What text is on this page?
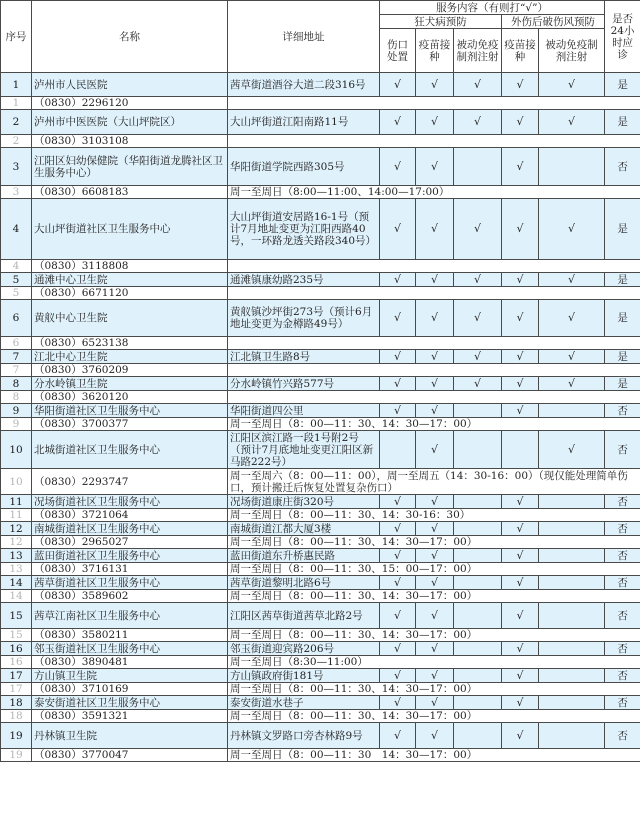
序号	名称	详细地址	服务内容（有则打“√”）					是否24小时应诊
			狂犬病预防			外伤后破伤风预防		
			伤口处置	疫苗接种	被动免疫制剂注射	疫苗接种	被动免疫制剂注射	
1	泸州市人民医院	茜草街道酒谷大道二段316号	√	√	√	√	√	是
1	（0830）2296120							
2	泸州市中医医院（大山坪院区）	大山坪街道江阳南路11号	√	√	√	√	√	是
2	（0830）3103108							
3	江阳区妇幼保健院（华阳街道龙腾社区卫生服务中心）	华阳街道学院西路305号	√	√		√		否
3	（0830）6608183	周一至周日（8:00—11:00、14:00—17:00）						
4	大山坪街道社区卫生服务中心	大山坪街道安居路16-1号（预计7月地址变更为江阳西路40号，一环路龙透关路段340号）	√	√	√	√	√	是
4	（0830）3118808							
5	通滩中心卫生院	通滩镇康幼路235号	√	√	√	√	√	是
5	（0830）6671120							
6	黄舣中心卫生院	黄舣镇沙坪街273号（预计6月地址变更为金樽路49号）	√	√	√	√	√	是
6	（0830）6523138							
7	江北中心卫生院	江北镇卫生路8号	√	√	√	√	√	是
7	（0830）3760209							
8	分水岭镇卫生院	分水岭镇竹兴路577号	√	√	√	√	√	是
8	（0830）3620120							
9	华阳街道社区卫生服务中心	华阳街道四公里	√	√		√		否
9	（0830）3700377	周一至周日（8：00—11：30、14：30—17：00）						
10	北城街道社区卫生服务中心	江阳区滨江路一段1号附2号（预计7月底地址变更江阳区新马路222号）		√			√	否
10	（0830）2293747	周一至周六（8：00—11：00），周一至周五（14：30-16：00）（现仅能处理简单伤口，预计搬迁后恢复处置复杂伤口）						
11	况场街道社区卫生服务中心	况场街道康庄街320号	√	√		√		否
11	（0830）3721064	周一至周日（8：00—11：30、14：30-16：30）						
12	南城街道社区卫生服务中心	南城街道江都大厦3楼	√	√		√		否
12	（0830）2965027	周一至周日（8：00—11：30、14：30—17：00）						
13	蓝田街道社区卫生服务中心	蓝田街道东升桥惠民路	√	√		√		否
13	（0830）3716131	周一至周日（8：00—11：30、15：00—17：00）						
14	茜草街道社区卫生服务中心	茜草街道黎明北路6号	√	√		√		否
14	（0830）3589602	周一至周日（8：00—11：30、14：30—17：00）						
15	茜草江南社区卫生服务中心	江阳区茜草街道茜草北路2号	√	√		√		否
15	（0830）3580211	周一至周日（8：00—11：30、14：30—17：00）						
16	邻玉街道社区卫生服务中心	邻玉街道迎宾路206号	√	√		√		否
16	（0830）3890481	周一至周日（8:30—11:00）						
17	方山镇卫生院	方山镇政府街181号	√	√		√		否
17	（0830）3710169	周一至周日（8：00—11：30、14：30—17：00）						
18	泰安街道社区卫生服务中心	泰安街道水巷子	√	√		√		否
18	（0830）3591321	周一至周日（8：00—11：30、14：30—17：00）						
19	丹林镇卫生院	丹林镇文罗路口旁杏林路9号	√	√		√		否
19	（0830）3770047	周一至周日（8：00—11：30　14：30—17：00）						
